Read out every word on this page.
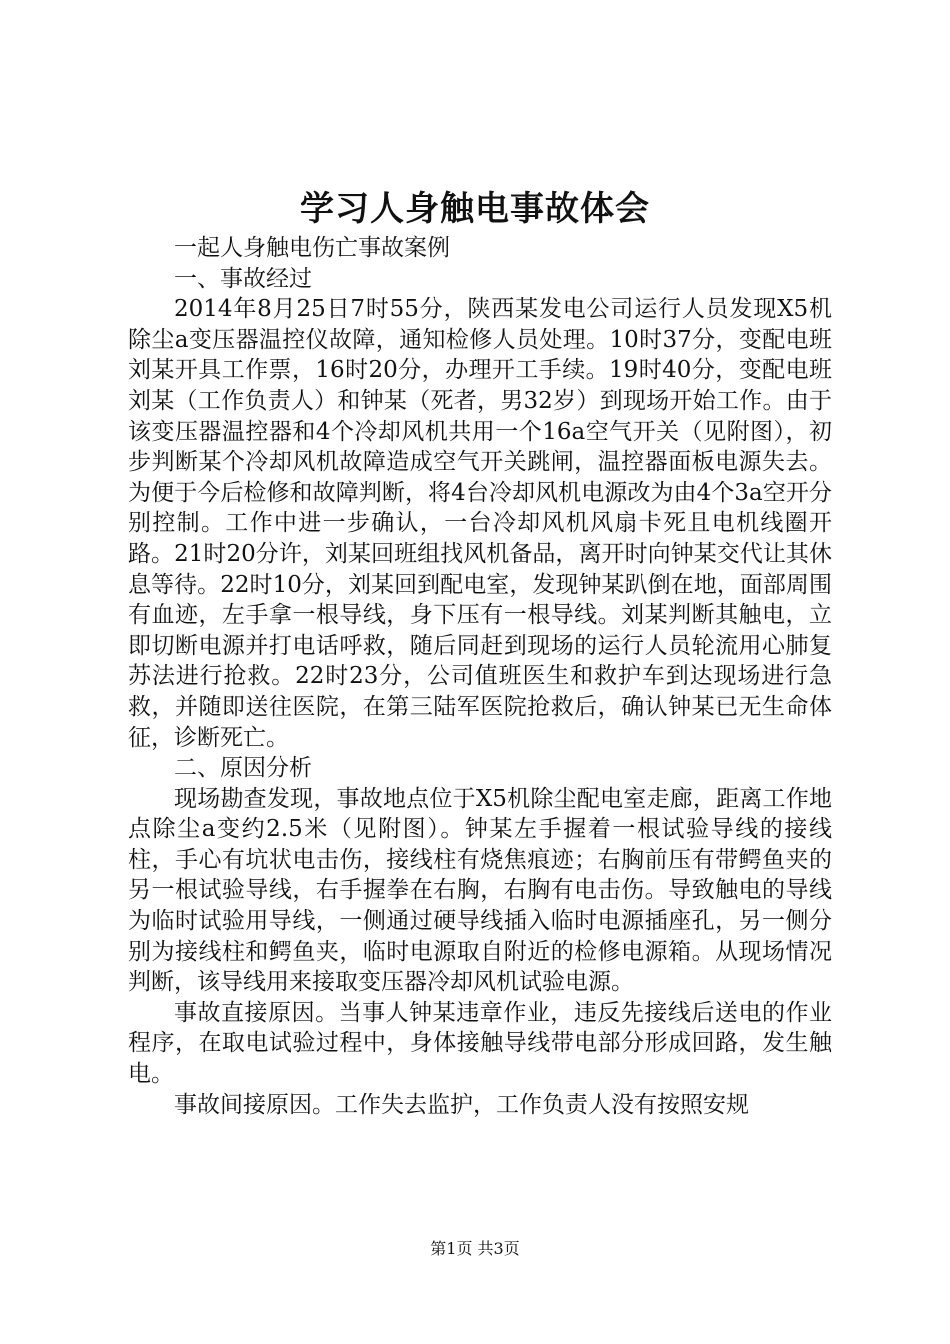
学习人身触电事故体会

一起人身触电伤亡事故案例

一、事故经过

2014年8月25日7时55分，陕西某发电公司运行人员发现X5机除尘a变压器温控仪故障，通知检修人员处理。10时37分，变配电班刘某开具工作票，16时20分，办理开工手续。19时40分，变配电班刘某（工作负责人）和钟某（死者，男32岁）到现场开始工作。由于该变压器温控器和4个冷却风机共用一个16a空气开关（见附图），初步判断某个冷却风机故障造成空气开关跳闸，温控器面板电源失去。为便于今后检修和故障判断，将4台冷却风机电源改为由4个3a空开分别控制。工作中进一步确认，一台冷却风机风扇卡死且电机线圈开路。21时20分许，刘某回班组找风机备品，离开时向钟某交代让其休息等待。22时10分，刘某回到配电室，发现钟某趴倒在地，面部周围有血迹，左手拿一根导线，身下压有一根导线。刘某判断其触电，立即切断电源并打电话呼救，随后同赶到现场的运行人员轮流用心肺复苏法进行抢救。22时23分，公司值班医生和救护车到达现场进行急救，并随即送往医院，在第三陆军医院抢救后，确认钟某已无生命体征，诊断死亡。

二、原因分析

现场勘查发现，事故地点位于X5机除尘配电室走廊，距离工作地点除尘a变约2.5米（见附图）。钟某左手握着一根试验导线的接线柱，手心有坑状电击伤，接线柱有烧焦痕迹；右胸前压有带鳄鱼夹的另一根试验导线，右手握拳在右胸，右胸有电击伤。导致触电的导线为临时试验用导线，一侧通过硬导线插入临时电源插座孔，另一侧分别为接线柱和鳄鱼夹，临时电源取自附近的检修电源箱。从现场情况判断，该导线用来接取变压器冷却风机试验电源。

事故直接原因。当事人钟某违章作业，违反先接线后送电的作业程序，在取电试验过程中，身体接触导线带电部分形成回路，发生触电。

事故间接原因。工作失去监护，工作负责人没有按照安规

第1页 共3页
